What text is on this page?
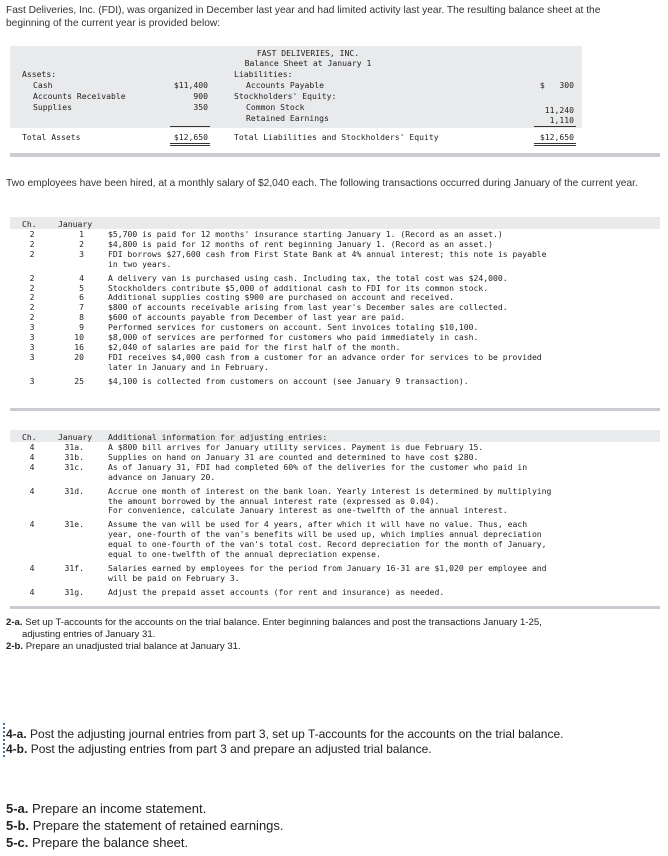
Fast Deliveries, Inc. (FDI), was organized in December last year and had limited activity last year. The resulting balance sheet at the beginning of the current year is provided below:
FAST DELIVERIES, INC.
Balance Sheet at January 1
Assets:
Cash	$11,400
Accounts Receivable	900
Supplies	350
Total Assets	$12,650
Liabilities:
Accounts Payable	$   300
Stockholders' Equity:
Common Stock	11,240
Retained Earnings	1,110
Total Liabilities and Stockholders' Equity	$12,650
Two employees have been hired, at a monthly salary of $2,040 each. The following transactions occurred during January of the current year.
Ch.	January
2	1	$5,700 is paid for 12 months' insurance starting January 1. (Record as an asset.)
2	2	$4,800 is paid for 12 months of rent beginning January 1. (Record as an asset.)
2	3	FDI borrows $27,600 cash from First State Bank at 4% annual interest; this note is payable
in two years.
2	4	A delivery van is purchased using cash. Including tax, the total cost was $24,000.
2	5	Stockholders contribute $5,000 of additional cash to FDI for its common stock.
2	6	Additional supplies costing $900 are purchased on account and received.
2	7	$800 of accounts receivable arising from last year's December sales are collected.
2	8	$600 of accounts payable from December of last year are paid.
3	9	Performed services for customers on account. Sent invoices totaling $10,100.
3	10	$8,000 of services are performed for customers who paid immediately in cash.
3	16	$2,040 of salaries are paid for the first half of the month.
3	20	FDI receives $4,000 cash from a customer for an advance order for services to be provided
later in January and in February.
3	25	$4,100 is collected from customers on account (see January 9 transaction).
Ch.	January	Additional information for adjusting entries:
4	31a.	A $800 bill arrives for January utility services. Payment is due February 15.
4	31b.	Supplies on hand on January 31 are counted and determined to have cost $280.
4	31c.	As of January 31, FDI had completed 60% of the deliveries for the customer who paid in
advance on January 20.
4	31d.	Accrue one month of interest on the bank loan. Yearly interest is determined by multiplying
the amount borrowed by the annual interest rate (expressed as 0.04).
For convenience, calculate January interest as one-twelfth of the annual interest.
4	31e.	Assume the van will be used for 4 years, after which it will have no value. Thus, each
year, one-fourth of the van's benefits will be used up, which implies annual depreciation
equal to one-fourth of the van's total cost. Record depreciation for the month of January,
equal to one-twelfth of the annual depreciation expense.
4	31f.	Salaries earned by employees for the period from January 16-31 are $1,020 per employee and
will be paid on February 3.
4	31g.	Adjust the prepaid asset accounts (for rent and insurance) as needed.
2-a. Set up T-accounts for the accounts on the trial balance. Enter beginning balances and post the transactions January 1-25,
adjusting entries of January 31.
2-b. Prepare an unadjusted trial balance at January 31.
4-a. Post the adjusting journal entries from part 3, set up T-accounts for the accounts on the trial balance.
4-b. Post the adjusting entries from part 3 and prepare an adjusted trial balance.
5-a. Prepare an income statement.
5-b. Prepare the statement of retained earnings.
5-c. Prepare the balance sheet.
